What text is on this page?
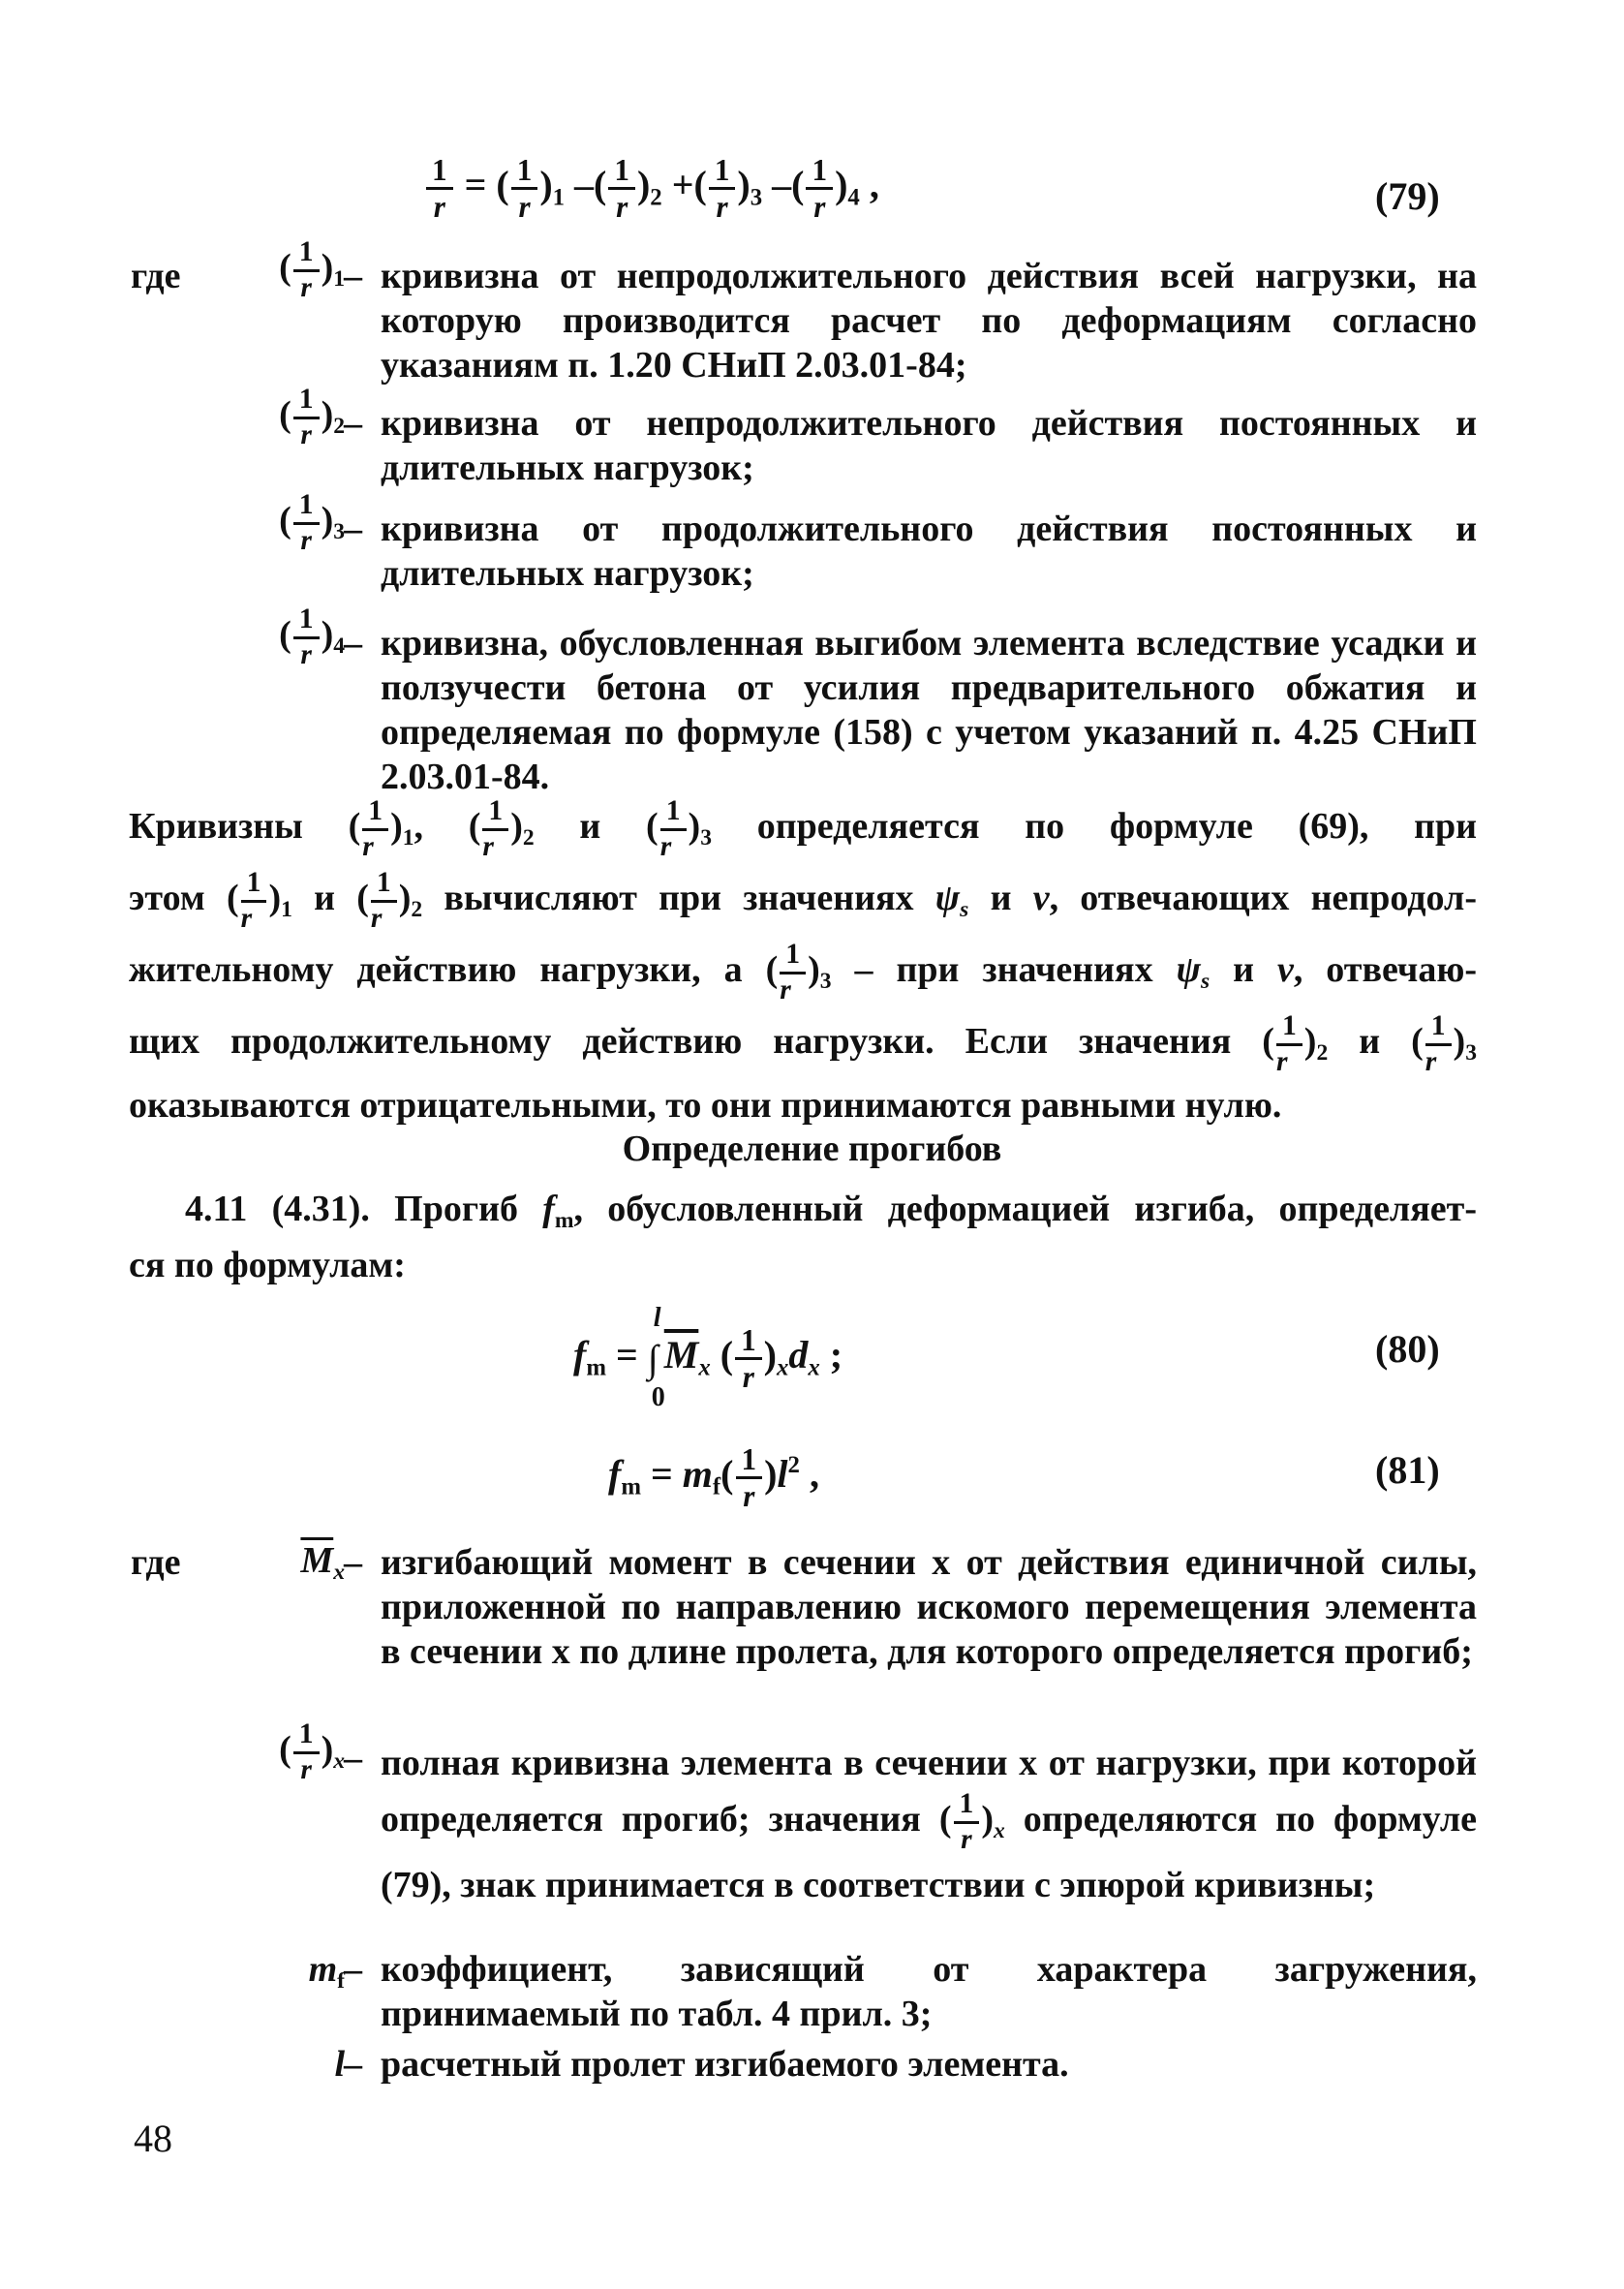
$\frac{1}{r}$ = ( $\frac{1}{r} )_1$ –( $\frac{1}{r} )_2$ +( $\frac{1}{r} )_3$ –( $\frac{1}{r} )_4$ ,	(79)
где	( $\frac{1}{r} )_1$ – кривизна от непродолжительного действия всей нагрузки, на которую производится расчет по деформациям согласно указаниям п. 1.20 СНиП 2.03.01-84;
( $\frac{1}{r} )_2$ – кривизна от непродолжительного действия постоянных и длительных нагрузок;
( $\frac{1}{r} )_3$ – кривизна от продолжительного действия постоянных и длительных нагрузок;
( $\frac{1}{r} )_4$ – кривизна, обусловленная выгибом элемента вследствие усадки и ползучести бетона от усилия предварительного обжатия и определяемая по формуле (158) с учетом указаний п. 4.25 СНиП 2.03.01-84.
Кривизны ( $\frac{1}{r} )_1$, ( $\frac{1}{r} )_2$ и ( $\frac{1}{r} )_3$ определяется по формуле (69), при
этом ( $\frac{1}{r} )_1$ и ( $\frac{1}{r} )_2$ вычисляют при значениях $\psi_s$ и ν, отвечающих непродол-
жительному действию нагрузки, а ( $\frac{1}{r} )_3$ – при значениях $\psi_s$ и ν, отвечаю-
щих продолжительному действию нагрузки. Если значения ( $\frac{1}{r} )_2$ и ( $\frac{1}{r} )_3$
оказываются отрицательными, то они принимаются равными нулю.
Определение прогибов
4.11 (4.31). Прогиб $f_m$, обусловленный деформацией изгиба, определяет-
ся по формулам:
$f_m$ = ∫
l
0
$\overline{M}_x$ ( $\frac{1}{r} )_xd_x$ ;	(80)
$f_m = m_f( \frac{1}{r} )l^2$ ,	(81)
где	$\overline{M}_x$ – изгибающий момент в сечении x от действия единичной силы, приложенной по направлению искомого перемещения элемента в сечении x по длине пролета, для которого определяется прогиб;
( $\frac{1}{r} )_x$ – полная кривизна элемента в сечении x от нагрузки, при которой определяется прогиб; значения ( $\frac{1}{r} )_x$ определяются по формуле (79), знак принимается в соответствии с эпюрой кривизны;
$m_f$ – коэффициент, зависящий от характера загружения, принимаемый по табл. 4 прил. 3;
l – расчетный пролет изгибаемого элемента.
48
